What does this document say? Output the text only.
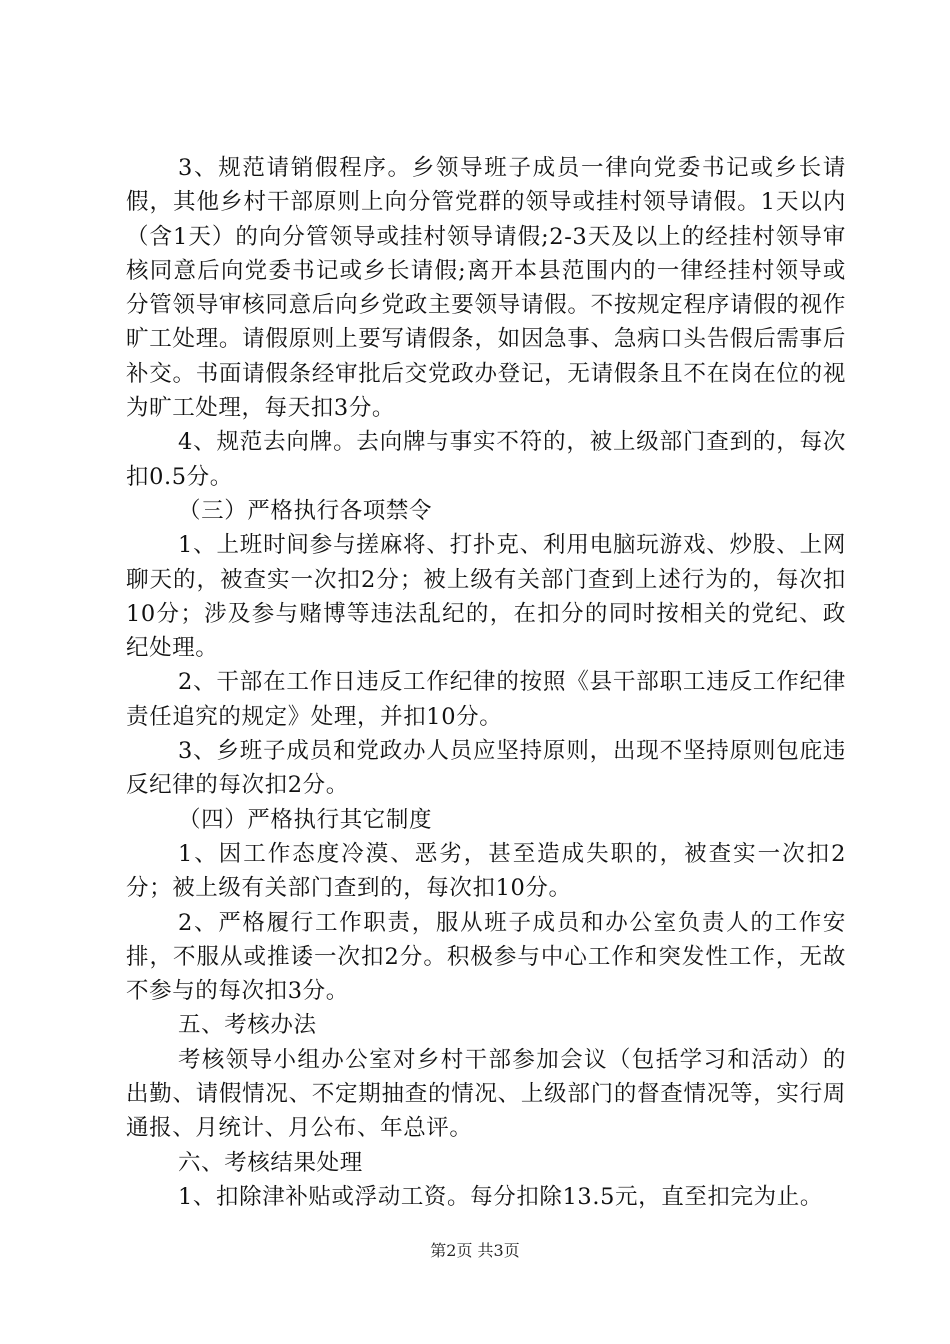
3、规范请销假程序。乡领导班子成员一律向党委书记或乡长请假，其他乡村干部原则上向分管党群的领导或挂村领导请假。1天以内（含1天）的向分管领导或挂村领导请假;2-3天及以上的经挂村领导审核同意后向党委书记或乡长请假;离开本县范围内的一律经挂村领导或分管领导审核同意后向乡党政主要领导请假。不按规定程序请假的视作旷工处理。请假原则上要写请假条，如因急事、急病口头告假后需事后补交。书面请假条经审批后交党政办登记，无请假条且不在岗在位的视为旷工处理，每天扣3分。

4、规范去向牌。去向牌与事实不符的，被上级部门查到的，每次扣0.5分。

（三）严格执行各项禁令

1、上班时间参与搓麻将、打扑克、利用电脑玩游戏、炒股、上网聊天的，被查实一次扣2分；被上级有关部门查到上述行为的，每次扣10分；涉及参与赌博等违法乱纪的，在扣分的同时按相关的党纪、政纪处理。

2、干部在工作日违反工作纪律的按照《县干部职工违反工作纪律责任追究的规定》处理，并扣10分。

3、乡班子成员和党政办人员应坚持原则，出现不坚持原则包庇违反纪律的每次扣2分。

（四）严格执行其它制度

1、因工作态度冷漠、恶劣，甚至造成失职的，被查实一次扣2分；被上级有关部门查到的，每次扣10分。

2、严格履行工作职责，服从班子成员和办公室负责人的工作安排，不服从或推诿一次扣2分。积极参与中心工作和突发性工作，无故不参与的每次扣3分。

五、考核办法

考核领导小组办公室对乡村干部参加会议（包括学习和活动）的出勤、请假情况、不定期抽查的情况、上级部门的督查情况等，实行周通报、月统计、月公布、年总评。

六、考核结果处理

1、扣除津补贴或浮动工资。每分扣除13.5元，直至扣完为止。

第2页 共3页
